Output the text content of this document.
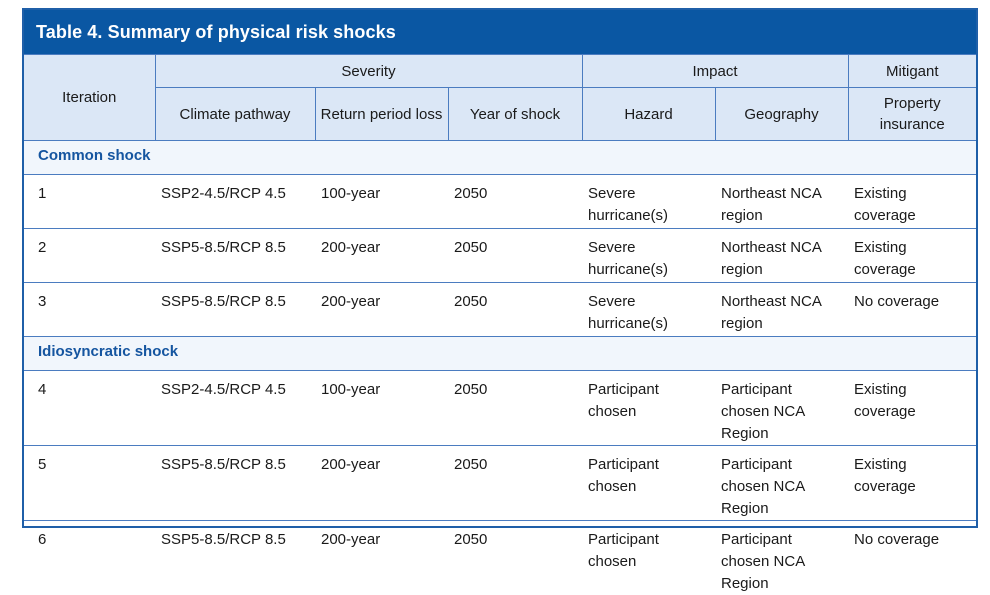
Table 4. Summary of physical risk shocks
Iteration	Severity			Impact		Mitigant
	Climate pathway	Return period loss	Year of shock	Hazard	Geography	Property insurance
Common shock						
1	SSP2-4.5/RCP 4.5	100-year	2050	Severe hurricane(s)	Northeast NCA region	Existing coverage
2	SSP5-8.5/RCP 8.5	200-year	2050	Severe hurricane(s)	Northeast NCA region	Existing coverage
3	SSP5-8.5/RCP 8.5	200-year	2050	Severe hurricane(s)	Northeast NCA region	No coverage
Idiosyncratic shock						
4	SSP2-4.5/RCP 4.5	100-year	2050	Participant chosen	Participant chosen NCA Region	Existing coverage
5	SSP5-8.5/RCP 8.5	200-year	2050	Participant chosen	Participant chosen NCA Region	Existing coverage
6	SSP5-8.5/RCP 8.5	200-year	2050	Participant chosen	Participant chosen NCA Region	No coverage
